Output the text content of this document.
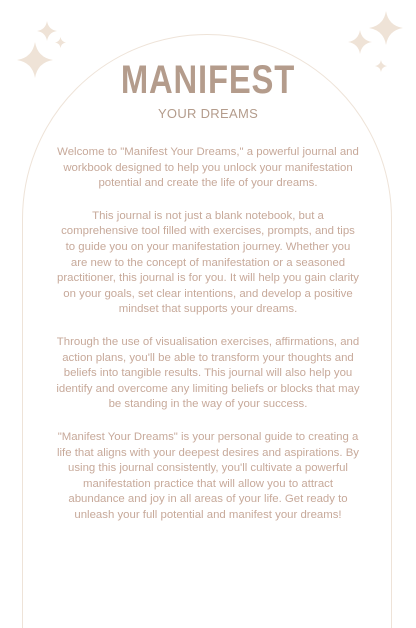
MANIFEST
YOUR DREAMS

Welcome to "Manifest Your Dreams," a powerful journal and workbook designed to help you unlock your manifestation potential and create the life of your dreams.

This journal is not just a blank notebook, but a comprehensive tool filled with exercises, prompts, and tips to guide you on your manifestation journey. Whether you are new to the concept of manifestation or a seasoned practitioner, this journal is for you. It will help you gain clarity on your goals, set clear intentions, and develop a positive mindset that supports your dreams.

Through the use of visualisation exercises, affirmations, and action plans, you'll be able to transform your thoughts and beliefs into tangible results. This journal will also help you identify and overcome any limiting beliefs or blocks that may be standing in the way of your success.

"Manifest Your Dreams" is your personal guide to creating a life that aligns with your deepest desires and aspirations. By using this journal consistently, you'll cultivate a powerful manifestation practice that will allow you to attract abundance and joy in all areas of your life. Get ready to unleash your full potential and manifest your dreams!
